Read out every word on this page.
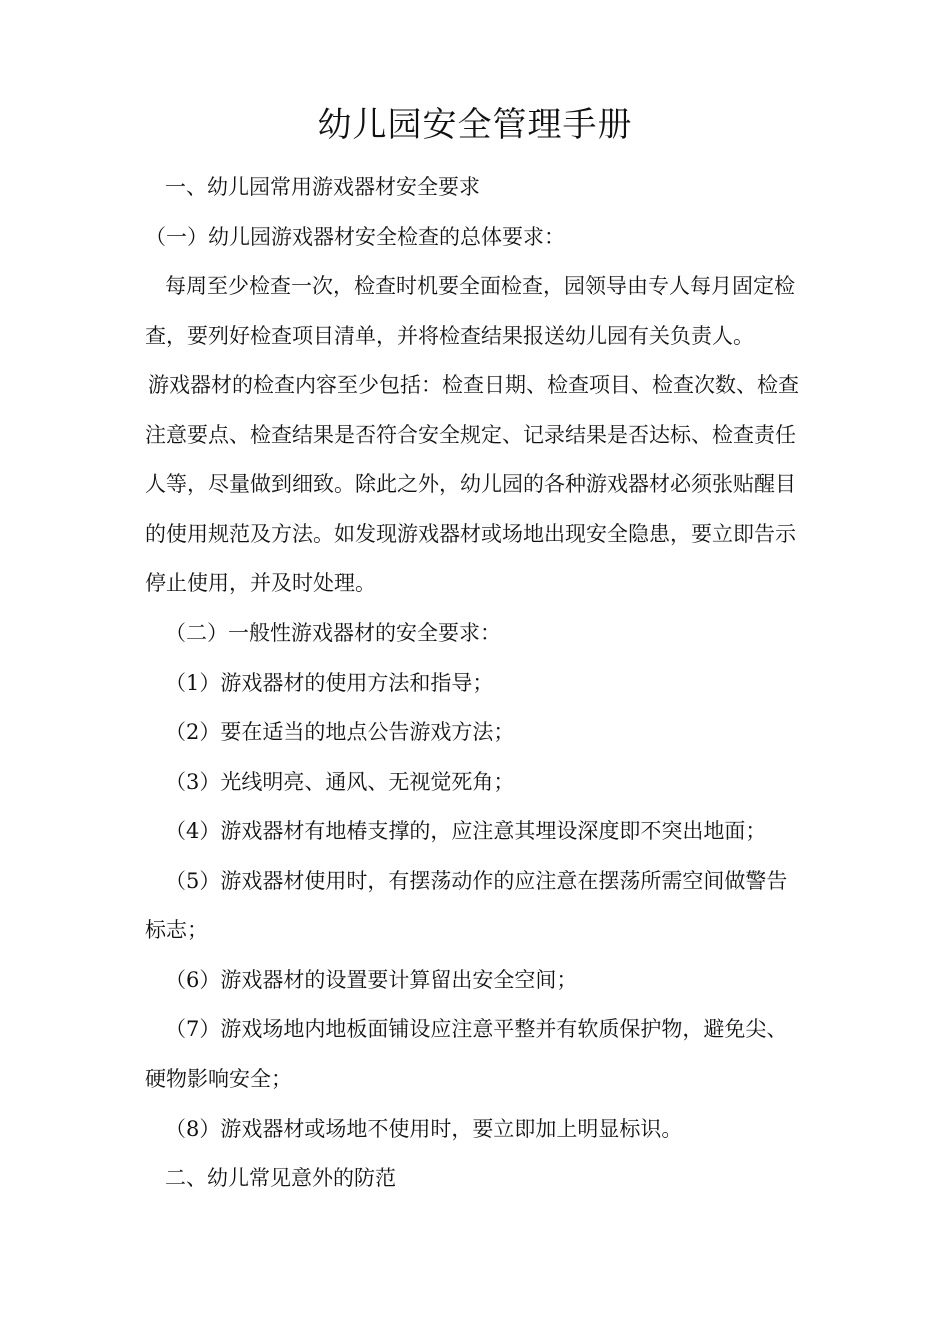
幼儿园安全管理手册
一、幼儿园常用游戏器材安全要求
（一）幼儿园游戏器材安全检查的总体要求：
每周至少检查一次，检查时机要全面检查，园领导由专人每月固定检
查，要列好检查项目清单，并将检查结果报送幼儿园有关负责人。
游戏器材的检查内容至少包括：检查日期、检查项目、检查次数、检查
注意要点、检查结果是否符合安全规定、记录结果是否达标、检查责任
人等，尽量做到细致。除此之外，幼儿园的各种游戏器材必须张贴醒目
的使用规范及方法。如发现游戏器材或场地出现安全隐患，要立即告示
停止使用，并及时处理。
（二）一般性游戏器材的安全要求：
（1）游戏器材的使用方法和指导；
（2）要在适当的地点公告游戏方法；
（3）光线明亮、通风、无视觉死角；
（4）游戏器材有地椿支撑的，应注意其埋设深度即不突出地面；
（5）游戏器材使用时，有摆荡动作的应注意在摆荡所需空间做警告
标志；
（6）游戏器材的设置要计算留出安全空间；
（7）游戏场地内地板面铺设应注意平整并有软质保护物，避免尖、
硬物影响安全；
（8）游戏器材或场地不使用时，要立即加上明显标识。
二、幼儿常见意外的防范
